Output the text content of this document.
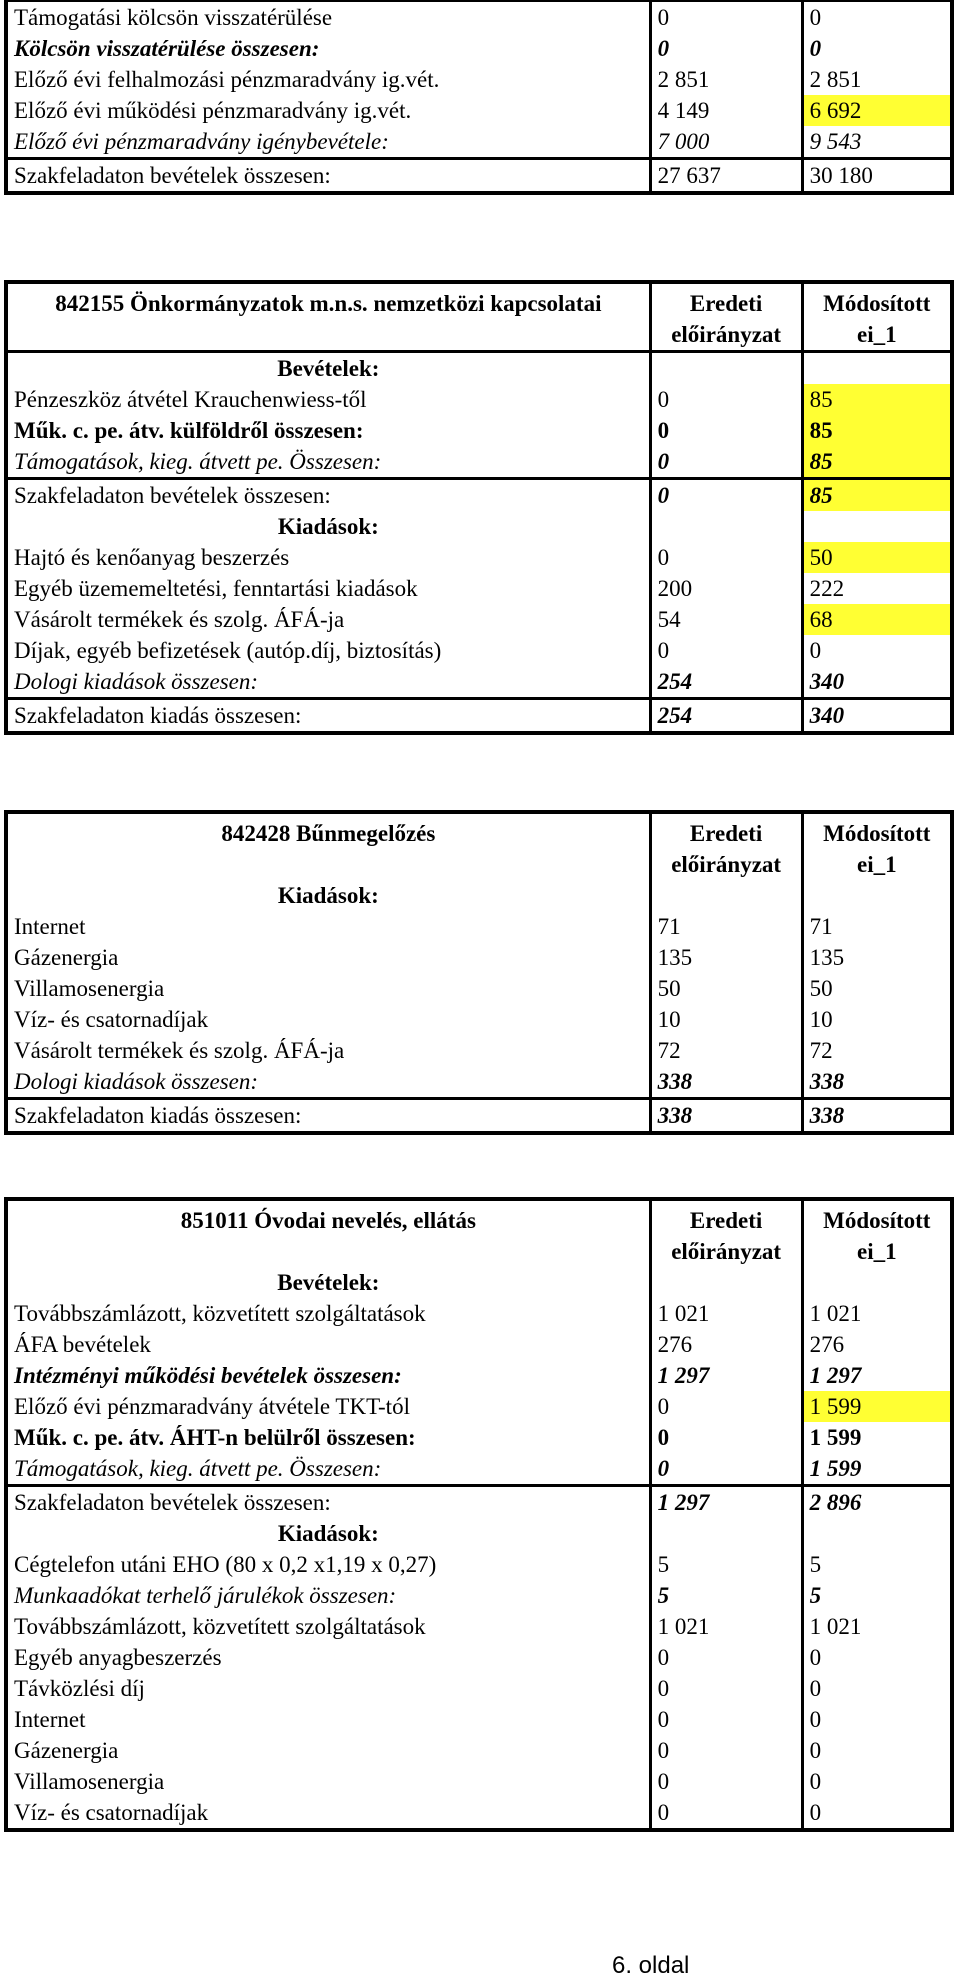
Támogatási kölcsön visszatérülése	0	0
Kölcsön visszatérülése összesen:	0	0
Előző évi felhalmozási pénzmaradvány ig.vét.	2 851	2 851
Előző évi működési pénzmaradvány ig.vét.	4 149	6 692
Előző évi pénzmaradvány igénybevétele:	7 000	9 543
Szakfeladaton bevételek összesen:	27 637	30 180
842155 Önkormányzatok m.n.s. nemzetközi kapcsolatai	Eredeti előirányzat	Módosított ei_1
Bevételek:		
Pénzeszköz átvétel Krauchenwiess-től	0	85
Műk. c. pe. átv. külföldről összesen:	0	85
Támogatások, kieg. átvett pe. Összesen:	0	85
Szakfeladaton bevételek összesen:	0	85
Kiadások:		
Hajtó és kenőanyag beszerzés	0	50
Egyéb üzememeltetési, fenntartási kiadások	200	222
Vásárolt termékek és szolg. ÁFÁ-ja	54	68
Díjak, egyéb befizetések (autóp.díj, biztosítás)	0	0
Dologi kiadások összesen:	254	340
Szakfeladaton kiadás összesen:	254	340
842428 Bűnmegelőzés	Eredeti előirányzat	Módosított ei_1
Kiadások:		
Internet	71	71
Gázenergia	135	135
Villamosenergia	50	50
Víz- és csatornadíjak	10	10
Vásárolt termékek és szolg. ÁFÁ-ja	72	72
Dologi kiadások összesen:	338	338
Szakfeladaton kiadás összesen:	338	338
851011 Óvodai nevelés, ellátás	Eredeti előirányzat	Módosított ei_1
Bevételek:		
Továbbszámlázott, közvetített szolgáltatások	1 021	1 021
ÁFA bevételek	276	276
Intézményi működési bevételek összesen:	1 297	1 297
Előző évi pénzmaradvány átvétele TKT-tól	0	1 599
Műk. c. pe. átv. ÁHT-n belülről összesen:	0	1 599
Támogatások, kieg. átvett pe. Összesen:	0	1 599
Szakfeladaton bevételek összesen:	1 297	2 896
Kiadások:		
Cégtelefon utáni EHO (80 x 0,2 x1,19 x 0,27)	5	5
Munkaadókat terhelő járulékok összesen:	5	5
Továbbszámlázott, közvetített szolgáltatások	1 021	1 021
Egyéb anyagbeszerzés	0	0
Távközlési díj	0	0
Internet	0	0
Gázenergia	0	0
Villamosenergia	0	0
Víz- és csatornadíjak	0	0
6. oldal
